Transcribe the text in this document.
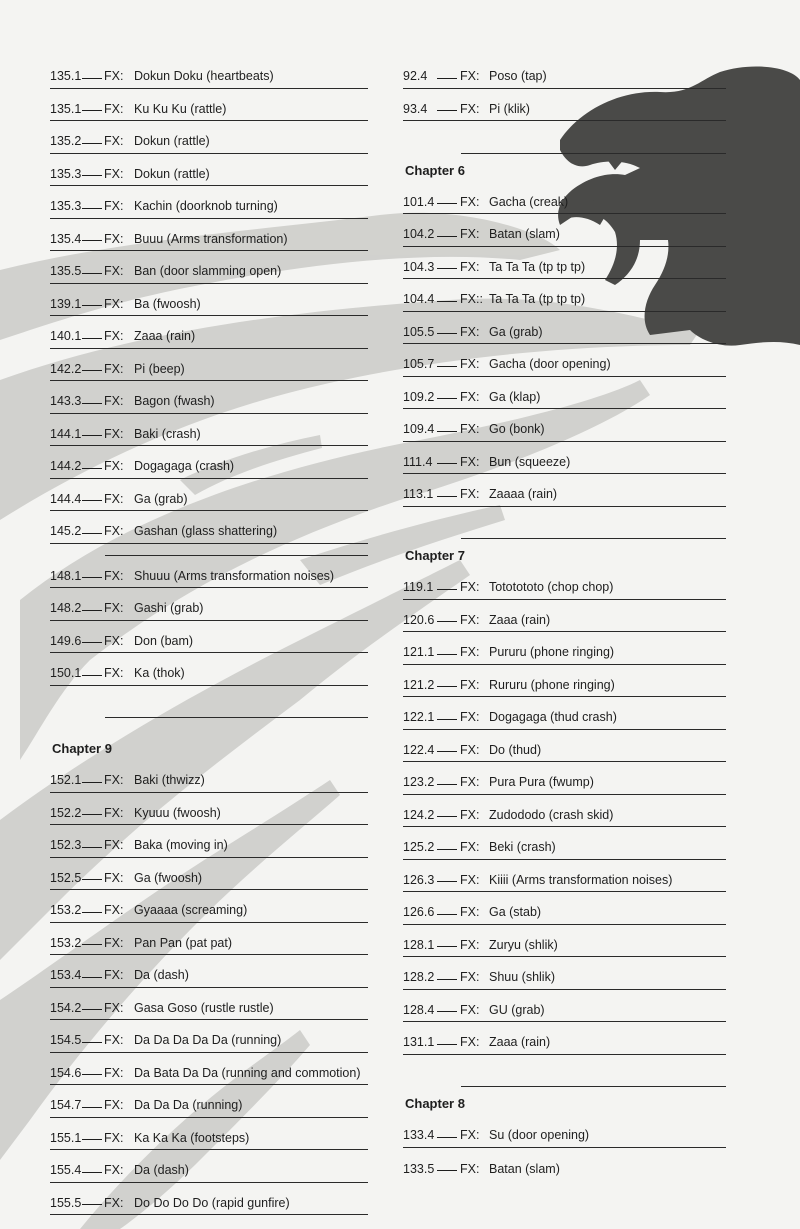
135.1 FX: Dokun Doku (heartbeats)
135.1 FX: Ku Ku Ku (rattle)
135.2 FX: Dokun (rattle)
135.3 FX: Dokun (rattle)
135.3 FX: Kachin (doorknob turning)
135.4 FX: Buuu (Arms transformation)
135.5 FX: Ban (door slamming open)
139.1 FX: Ba (fwoosh)
140.1 FX: Zaaa (rain)
142.2 FX: Pi (beep)
143.3 FX: Bagon (fwash)
144.1 FX: Baki (crash)
144.2 FX: Dogagaga (crash)
144.4 FX: Ga (grab)
145.2 FX: Gashan (glass shattering)
148.1 FX: Shuuu (Arms transformation noises)
148.2 FX: Gashi (grab)
149.6 FX: Don (bam)
150.1 FX: Ka (thok)
Chapter 9
152.1 FX: Baki (thwizz)
152.2 FX: Kyuuu (fwoosh)
152.3 FX: Baka (moving in)
152.5 FX: Ga (fwoosh)
153.2 FX: Gyaaaa (screaming)
153.2 FX: Pan Pan (pat pat)
153.4 FX: Da (dash)
154.2 FX: Gasa Goso (rustle rustle)
154.5 FX: Da Da Da Da Da (running)
154.6 FX: Da Bata Da Da (running and commotion)
154.7 FX: Da Da Da (running)
155.1 FX: Ka Ka Ka (footsteps)
155.4 FX: Da (dash)
155.5 FX: Do Do Do Do (rapid gunfire)
92.4	FX: Poso (tap)
93.4	FX: Pi (klik)
Chapter 6
101.4 FX: Gacha (creak)
104.2 FX: Batan (slam)
104.3 FX: Ta Ta Ta (tp tp tp)
104.4 FX:: Ta Ta Ta (tp tp tp)
105.5 FX: Ga (grab)
105.7 FX: Gacha (door opening)
109.2 FX: Ga (klap)
109.4 FX: Go (bonk)
111.4 FX: Bun (squeeze)
113.1 FX: Zaaaa (rain)
Chapter 7
119.1 FX: Tototototo (chop chop)
120.6 FX: Zaaa (rain)
121.1 FX: Pururu (phone ringing)
121.2 FX: Rururu (phone ringing)
122.1 FX: Dogagaga (thud crash)
122.4 FX: Do (thud)
123.2 FX: Pura Pura (fwump)
124.2 FX: Zudododo (crash skid)
125.2 FX: Beki (crash)
126.3 FX: Kiiii (Arms transformation noises)
126.6 FX: Ga (stab)
128.1 FX: Zuryu (shlik)
128.2 FX: Shuu (shlik)
128.4 FX: GU (grab)
131.1 FX: Zaaa (rain)
Chapter 8
133.4 FX: Su (door opening)
133.5 FX: Batan (slam)
